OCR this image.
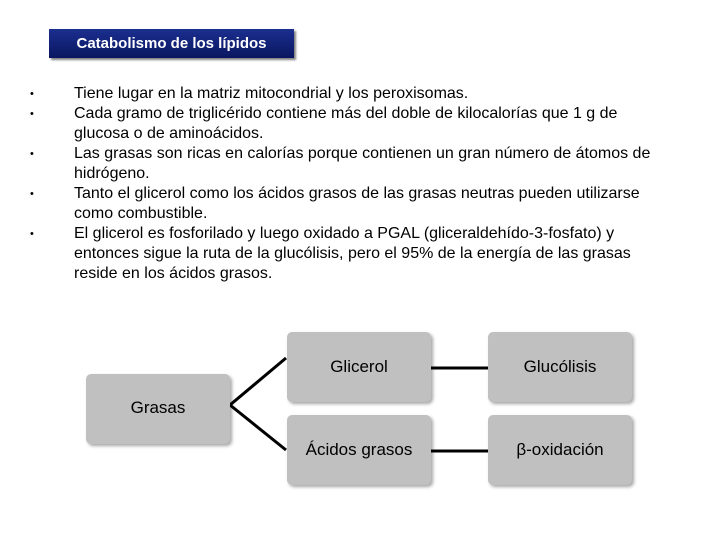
Catabolismo de los lípidos
• Tiene lugar en la matriz mitocondrial y los peroxisomas.
• Cada gramo de triglicérido contiene más del doble de kilocalorías que 1 g de glucosa o de aminoácidos.
• Las grasas son ricas en calorías porque contienen un gran número de átomos de hidrógeno.
• Tanto el glicerol como los ácidos grasos de las grasas neutras pueden utilizarse como combustible.
• El glicerol es fosforilado y luego oxidado a PGAL (gliceraldehído-3-fosfato) y entonces sigue la ruta de la glucólisis, pero el 95% de la energía de las grasas reside en los ácidos grasos.
Grasas
Glicerol
Ácidos grasos
Glucólisis
β-oxidación
